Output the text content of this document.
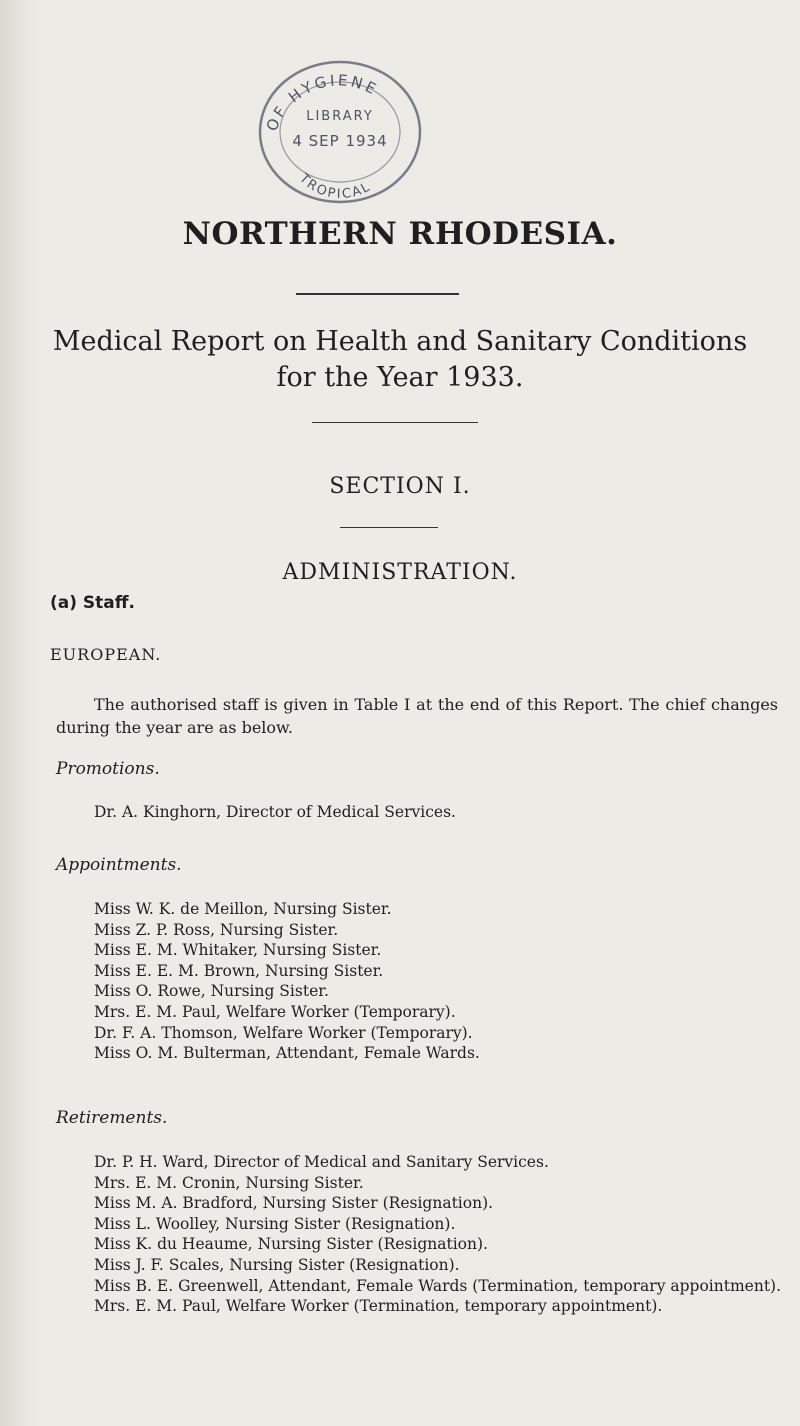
OF HYGIENE
LIBRARY
4 SEP 1934
TROPICAL
NORTHERN RHODESIA.
Medical Report on Health and Sanitary Conditions
for the Year 1933.
SECTION I.
ADMINISTRATION.
(a) Staff.
EUROPEAN.

The authorised staff is given in Table I at the end of this Report. The chief changes during the year are as below.

Promotions.
Dr. A. Kinghorn, Director of Medical Services.
Appointments.
Miss W. K. de Meillon, Nursing Sister.
Miss Z. P. Ross, Nursing Sister.
Miss E. M. Whitaker, Nursing Sister.
Miss E. E. M. Brown, Nursing Sister.
Miss O. Rowe, Nursing Sister.
Mrs. E. M. Paul, Welfare Worker (Temporary).
Dr. F. A. Thomson, Welfare Worker (Temporary).
Miss O. M. Bulterman, Attendant, Female Wards.
Retirements.
Dr. P. H. Ward, Director of Medical and Sanitary Services.
Mrs. E. M. Cronin, Nursing Sister.
Miss M. A. Bradford, Nursing Sister (Resignation).
Miss L. Woolley, Nursing Sister (Resignation).
Miss K. du Heaume, Nursing Sister (Resignation).
Miss J. F. Scales, Nursing Sister (Resignation).
Miss B. E. Greenwell, Attendant, Female Wards (Termination, temporary appointment).
Mrs. E. M. Paul, Welfare Worker (Termination, temporary appointment).
